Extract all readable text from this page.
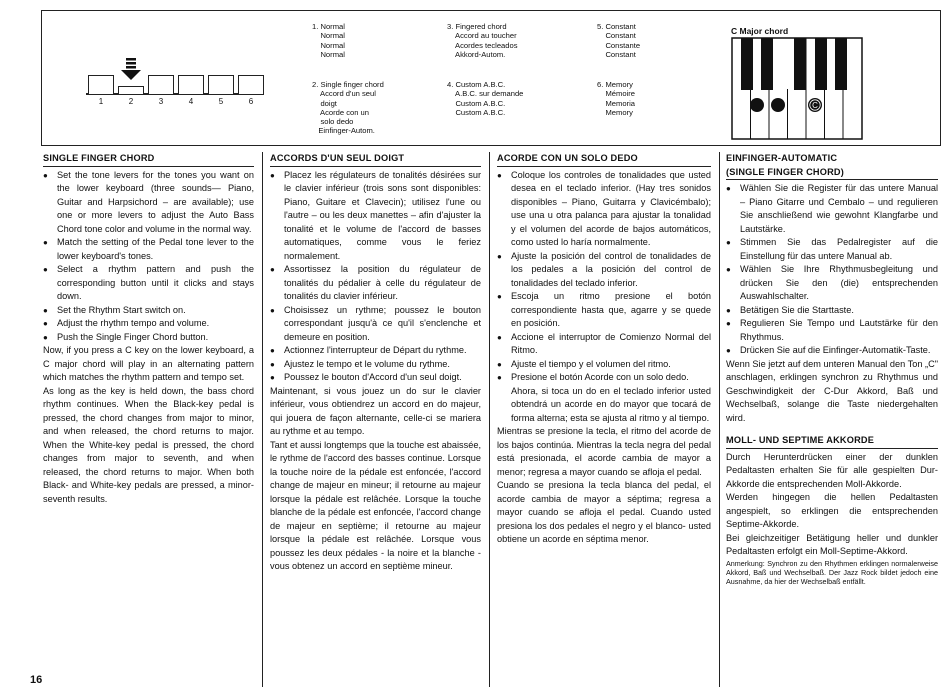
1	2	3	4	5	6
1. Normal
Normal
Normal
Normal
2. Single finger chord
Accord d'un seul
doigt
Acorde con un
solo dedo
Einfinger-Autom.
3. Fingered chord
Accord au toucher
Acordes tecleados
Akkord-Autom.
4. Custom A.B.C.
A.B.C. sur demande
Custom A.B.C.
Custom A.B.C.
5. Constant
Constant
Constante
Constant
6. Memory
Mémoire
Memoria
Memory
C Major chord
C
SINGLE FINGER CHORD

● Set the tone levers for the tones you want on the lower keyboard (three sounds— Piano, Guitar and Harpsichord – are available); use one or more levers to adjust the Auto Bass Chord tone color and volume in the normal way.

● Match the setting of the Pedal tone lever to the lower keyboard's tones.

● Select a rhythm pattern and push the corresponding button until it clicks and stays down.

● Set the Rhythm Start switch on.

● Adjust the rhythm tempo and volume.

● Push the Single Finger Chord button.

Now, if you press a C key on the lower keyboard, a C major chord will play in an alternating pattern which matches the rhythm pattern and tempo set.

As long as the key is held down, the bass chord rhythm continues. When the Black-key pedal is pressed, the chord changes from major to minor, and when released, the chord returns to major. When the White-key pedal is pressed, the chord changes from major to seventh, and when released, the chord returns to major. When both Black- and White-key pedals are pressed, a minor-seventh results.

ACCORDS D'UN SEUL DOIGT

● Placez les régulateurs de tonalités désirées sur le clavier inférieur (trois sons sont disponibles: Piano, Guitare et Clavecin); utilisez l'une ou l'autre – ou les deux manettes – afin d'ajuster la tonalité et le volume de l'accord de basses automatiques, comme vous le feriez normalement.

● Assortissez la position du régulateur de tonalités du pédalier à celle du régulateur de tonalités du clavier inférieur.

● Choisissez un rythme; poussez le bouton correspondant jusqu'à ce qu'il s'enclenche et demeure en position.

● Actionnez l'interrupteur de Départ du rythme.

● Ajustez le tempo et le volume du rythme.

● Poussez le bouton d'Accord d'un seul doigt.

Maintenant, si vous jouez un do sur le clavier inférieur, vous obtiendrez un accord en do majeur, qui jouera de façon alternante, celle-ci se mariera au rythme et au tempo.

Tant et aussi longtemps que la touche est abaissée, le rythme de l'accord des basses continue. Lorsque la touche noire de la pédale est enfoncée, l'accord change de majeur en mineur; il retourne au majeur lorsque la pédale est relâchée. Lorsque la touche blanche de la pédale est enfoncée, l'accord change de majeur en septième; il retourne au majeur lorsque la pédale est relâchée. Lorsque vous poussez les deux pédales - la noire et la blanche - vous obtenez un accord en septième mineur.

ACORDE CON UN SOLO DEDO

● Coloque los controles de tonalidades que usted desea en el teclado inferior. (Hay tres sonidos disponibles – Piano, Guitarra y Clavicémbalo); use una u otra palanca para ajustar la tonalidad y el volumen del acorde de bajos automáticos, como usted lo haría normalmente.

● Ajuste la posición del control de tonalidades de los pedales a la posición del control de tonalidades del teclado inferior.

● Escoja un ritmo presione el botón correspondiente hasta que, agarre y se quede en posición.

● Accione el interruptor de Comienzo Normal del Ritmo.

● Ajuste el tiempo y el volumen del ritmo.

● Presione el botón Acorde con un solo dedo.

Ahora, si toca un do en el teclado inferior usted obtendrá un acorde en do mayor que tocará de forma alterna; esta se ajusta al ritmo y al tiempo.

Mientras se presione la tecla, el ritmo del acorde de los bajos continúa. Mientras la tecla negra del pedal está presionada, el acorde cambia de mayor a menor; regresa a mayor cuando se afloja el pedal.

Cuando se presiona la tecla blanca del pedal, el acorde cambia de mayor a séptima; regresa a mayor cuando se afloja el pedal. Cuando usted presiona los dos pedales el negro y el blanco- usted obtiene un acorde en séptima menor.

EINFINGER-AUTOMATIC
(SINGLE FINGER CHORD)

● Wählen Sie die Register für das untere Manual – Piano Gitarre und Cembalo – und regulieren Sie anschließend wie gewohnt Klangfarbe und Lautstärke.

● Stimmen Sie das Pedalregister auf die Einstellung für das untere Manual ab.

● Wählen Sie Ihre Rhythmusbegleitung und drücken Sie den (die) entsprechenden Auswahlschalter.

● Betätigen Sie die Starttaste.

● Regulieren Sie Tempo und Lautstärke für den Rhythmus.

● Drücken Sie auf die Einfinger-Automatik-Taste.

Wenn Sie jetzt auf dem unteren Manual den Ton „C" anschlagen, erklingen synchron zu Rhythmus und Geschwindigkeit der C-Dur Akkord, Baß und Wechselbaß, solange die Taste niedergehalten wird.

MOLL- UND SEPTIME AKKORDE

Durch Herunterdrücken einer der dunklen Pedaltasten erhalten Sie für alle gespielten Dur-Akkorde die entsprechenden Moll-Akkorde.

Werden hingegen die hellen Pedaltasten angespielt, so erklingen die entsprechenden Septime-Akkorde.

Bei gleichzeitiger Betätigung heller und dunkler Pedaltasten erfolgt ein Moll-Septime-Akkord.

Anmerkung: Synchron zu den Rhythmen erklingen normalerweise Akkord, Baß und Wechselbaß. Der Jazz Rock bildet jedoch eine Ausnahme, da hier der Wechselbaß entfällt.

16
